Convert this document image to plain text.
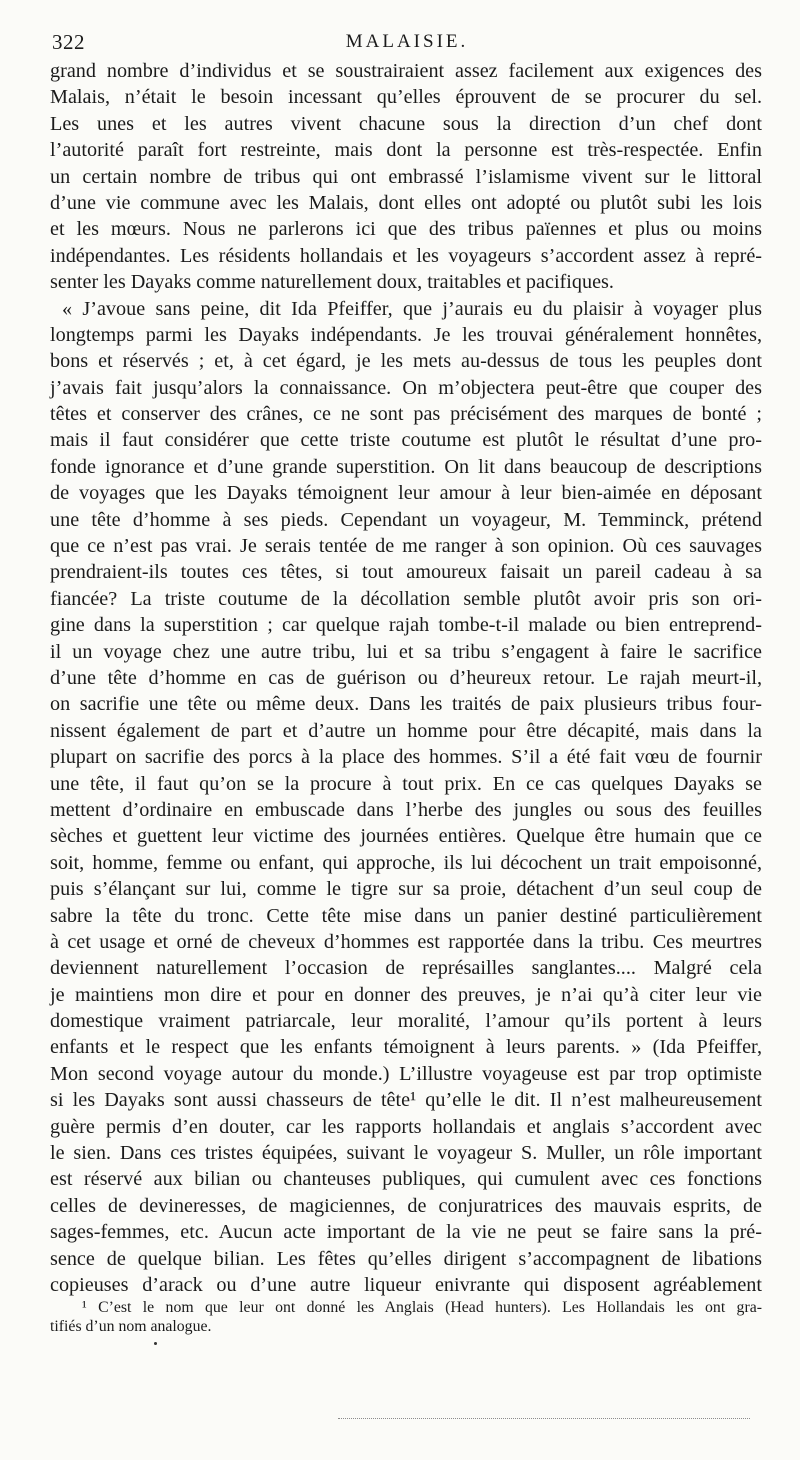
322	MALAISIE.
grand nombre d’individus et se soustrairaient assez facilement aux exigences des
Malais, n’était le besoin incessant qu’elles éprouvent de se procurer du sel.
Les unes et les autres vivent chacune sous la direction d’un chef dont
l’autorité paraît fort restreinte, mais dont la personne est très-respectée. Enfin
un certain nombre de tribus qui ont embrassé l’islamisme vivent sur le littoral
d’une vie commune avec les Malais, dont elles ont adopté ou plutôt subi les lois
et les mœurs. Nous ne parlerons ici que des tribus païennes et plus ou moins
indépendantes. Les résidents hollandais et les voyageurs s’accordent assez à repré-
senter les Dayaks comme naturellement doux, traitables et pacifiques.
« J’avoue sans peine, dit Ida Pfeiffer, que j’aurais eu du plaisir à voyager plus
longtemps parmi les Dayaks indépendants. Je les trouvai généralement honnêtes,
bons et réservés ; et, à cet égard, je les mets au-dessus de tous les peuples dont
j’avais fait jusqu’alors la connaissance. On m’objectera peut-être que couper des
têtes et conserver des crânes, ce ne sont pas précisément des marques de bonté ;
mais il faut considérer que cette triste coutume est plutôt le résultat d’une pro-
fonde ignorance et d’une grande superstition. On lit dans beaucoup de descriptions
de voyages que les Dayaks témoignent leur amour à leur bien-aimée en déposant
une tête d’homme à ses pieds. Cependant un voyageur, M. Temminck, prétend
que ce n’est pas vrai. Je serais tentée de me ranger à son opinion. Où ces sauvages
prendraient-ils toutes ces têtes, si tout amoureux faisait un pareil cadeau à sa
fiancée? La triste coutume de la décollation semble plutôt avoir pris son ori-
gine dans la superstition ; car quelque rajah tombe-t-il malade ou bien entreprend-
il un voyage chez une autre tribu, lui et sa tribu s’engagent à faire le sacrifice
d’une tête d’homme en cas de guérison ou d’heureux retour. Le rajah meurt-il,
on sacrifie une tête ou même deux. Dans les traités de paix plusieurs tribus four-
nissent également de part et d’autre un homme pour être décapité, mais dans la
plupart on sacrifie des porcs à la place des hommes. S’il a été fait vœu de fournir
une tête, il faut qu’on se la procure à tout prix. En ce cas quelques Dayaks se
mettent d’ordinaire en embuscade dans l’herbe des jungles ou sous des feuilles
sèches et guettent leur victime des journées entières. Quelque être humain que ce
soit, homme, femme ou enfant, qui approche, ils lui décochent un trait empoisonné,
puis s’élançant sur lui, comme le tigre sur sa proie, détachent d’un seul coup de
sabre la tête du tronc. Cette tête mise dans un panier destiné particulièrement
à cet usage et orné de cheveux d’hommes est rapportée dans la tribu. Ces meurtres
deviennent naturellement l’occasion de représailles sanglantes.... Malgré cela
je maintiens mon dire et pour en donner des preuves, je n’ai qu’à citer leur vie
domestique vraiment patriarcale, leur moralité, l’amour qu’ils portent à leurs
enfants et le respect que les enfants témoignent à leurs parents. » (Ida Pfeiffer,
Mon second voyage autour du monde.) L’illustre voyageuse est par trop optimiste
si les Dayaks sont aussi chasseurs de tête¹ qu’elle le dit. Il n’est malheureusement
guère permis d’en douter, car les rapports hollandais et anglais s’accordent avec
le sien. Dans ces tristes équipées, suivant le voyageur S. Muller, un rôle important
est réservé aux bilian ou chanteuses publiques, qui cumulent avec ces fonctions
celles de devineresses, de magiciennes, de conjuratrices des mauvais esprits, de
sages-femmes, etc. Aucun acte important de la vie ne peut se faire sans la pré-
sence de quelque bilian. Les fêtes qu’elles dirigent s’accompagnent de libations
copieuses d’arack ou d’une autre liqueur enivrante qui disposent agréablement
¹ C’est le nom que leur ont donné les Anglais (Head hunters). Les Hollandais les ont gra-
tifiés d’un nom analogue.
